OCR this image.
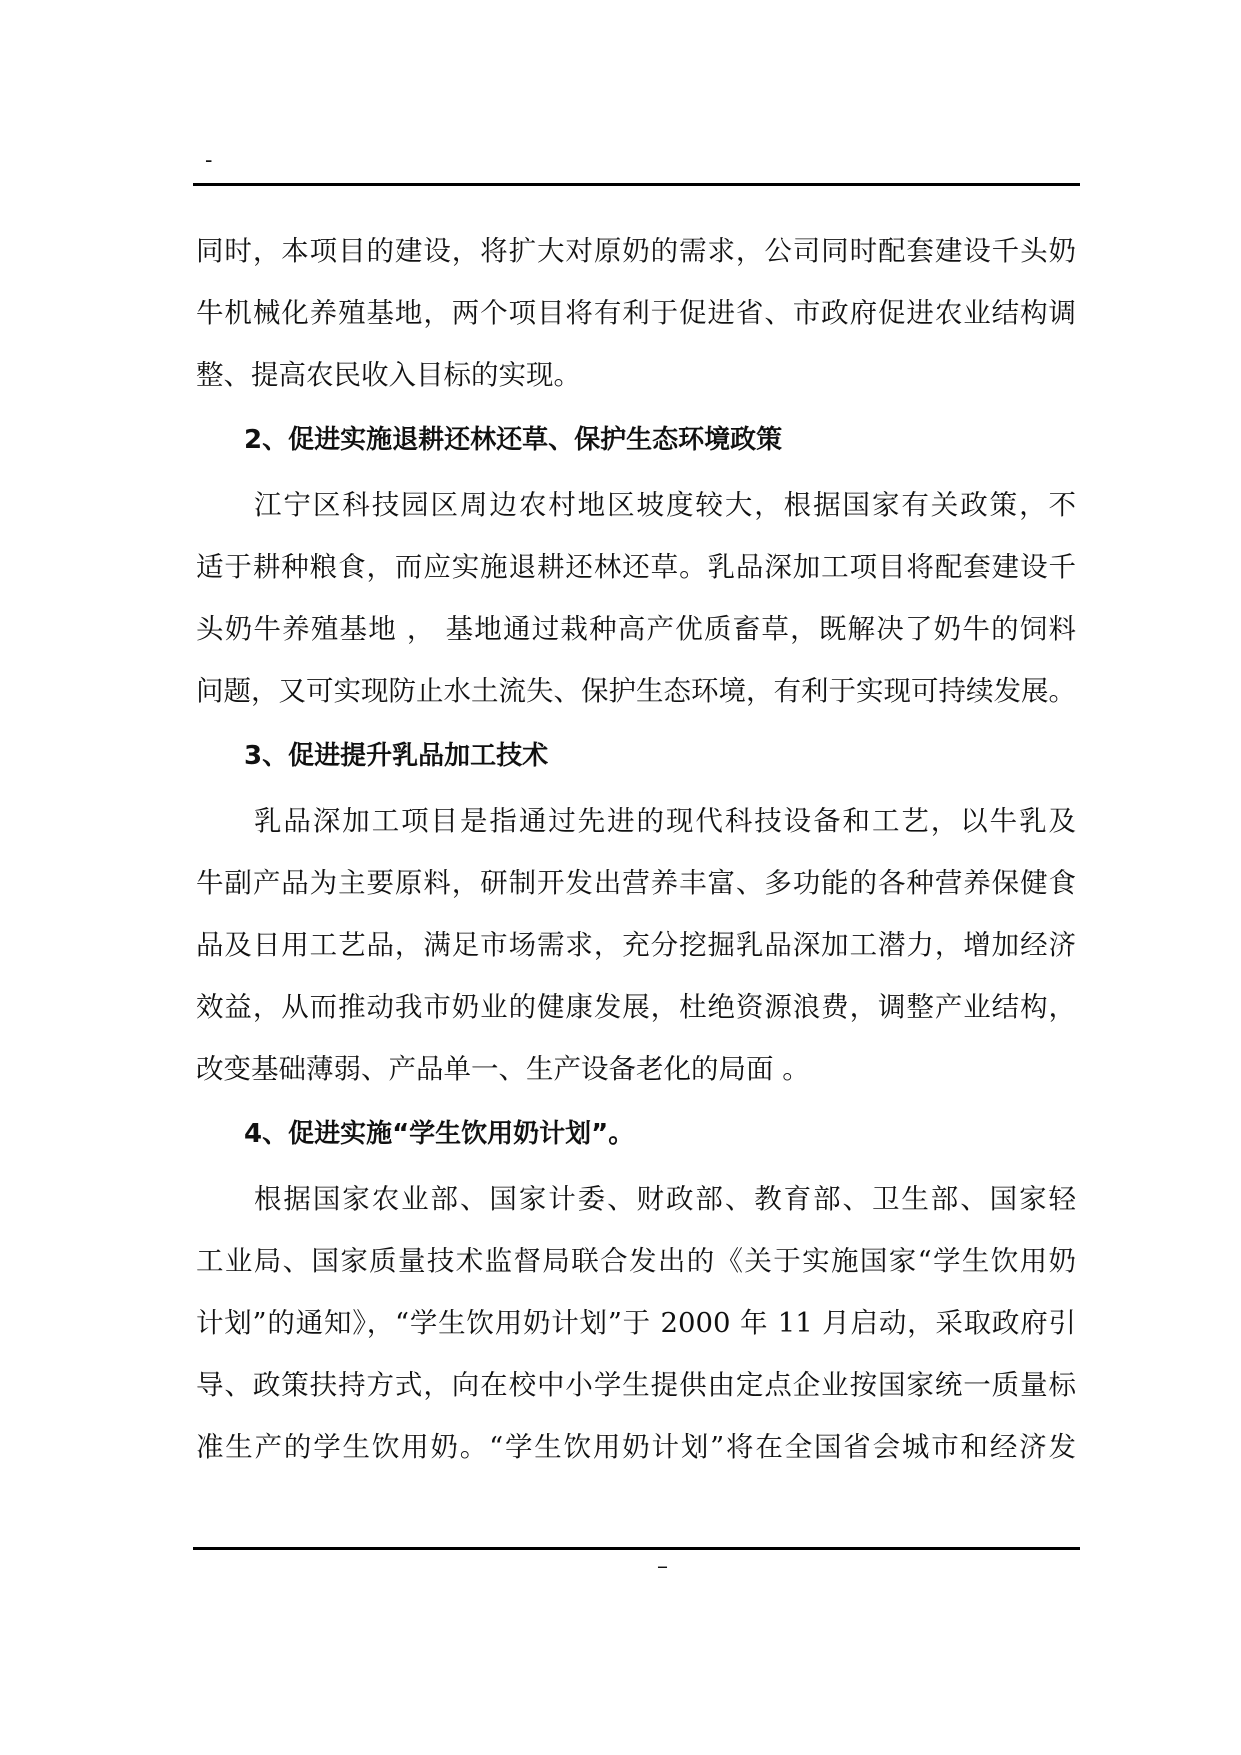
-
同时，本项目的建设，将扩大对原奶的需求，公司同时配套建设千头奶
牛机械化养殖基地，两个项目将有利于促进省、市政府促进农业结构调
整、提高农民收入目标的实现。
2、促进实施退耕还林还草、保护生态环境政策
江宁区科技园区周边农村地区坡度较大，根据国家有关政策，不
适于耕种粮食，而应实施退耕还林还草。乳品深加工项目将配套建设千
头奶牛养殖基地 ， 基地通过栽种高产优质畜草，既解决了奶牛的饲料
问题，又可实现防止水土流失、保护生态环境，有利于实现可持续发展。
3、促进提升乳品加工技术
乳品深加工项目是指通过先进的现代科技设备和工艺，以牛乳及
牛副产品为主要原料，研制开发出营养丰富、多功能的各种营养保健食
品及日用工艺品，满足市场需求，充分挖掘乳品深加工潜力，增加经济
效益，从而推动我市奶业的健康发展，杜绝资源浪费，调整产业结构，
改变基础薄弱、产品单一、生产设备老化的局面 。
4、促进实施“学生饮用奶计划”。
根据国家农业部、国家计委、财政部、教育部、卫生部、国家轻
工业局、国家质量技术监督局联合发出的《关于实施国家“学生饮用奶
计划”的通知》，“学生饮用奶计划”于 2000 年 11 月启动，采取政府引
导、政策扶持方式，向在校中小学生提供由定点企业按国家统一质量标
准生产的学生饮用奶。“学生饮用奶计划”将在全国省会城市和经济发
–
